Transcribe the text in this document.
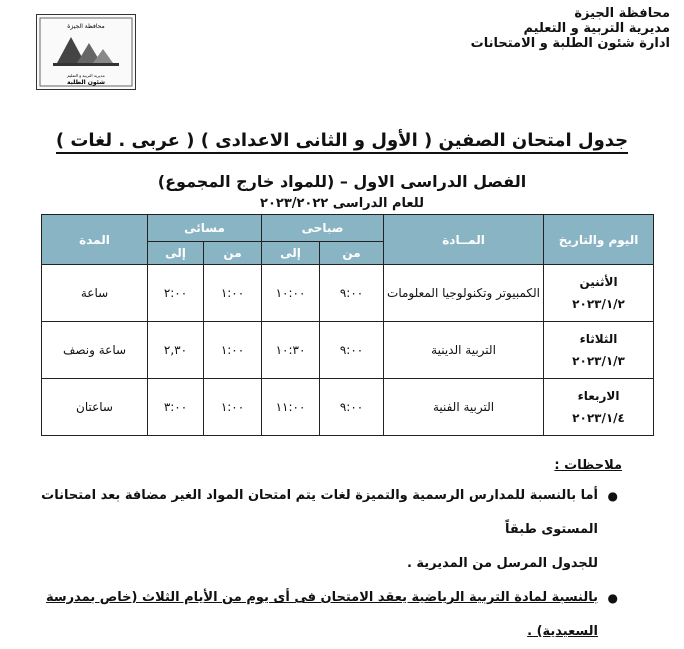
محافظة الجيزة
مديرية التربية و التعليم
ادارة شئون الطلبة و الامتحانات
محافظة الجيزة
مديرية التربية و التعليم
شئون الطلبة
جدول امتحان الصفين ( الأول و الثانى الاعدادى ) ( عربى . لغات )
الفصل الدراسى الاول – (للمواد خارج المجموع)
للعام الدراسى ٢٠٢٣/٢٠٢٢
اليوم والتاريخ	المــادة	صباحى		مسائى		المدة
		من	إلى	من	إلى	

الأثنين
٢٠٢٣/١/٢	الكمبيوتر وتكنولوجيا المعلومات	٩:٠٠	١٠:٠٠	١:٠٠	٢:٠٠	ساعة

الثلاثاء
٢٠٢٣/١/٣	التربية الدينية	٩:٠٠	١٠:٣٠	١:٠٠	٢,٣٠	ساعة ونصف

الاربعاء
٢٠٢٣/١/٤	التربية الفنية	٩:٠٠	١١:٠٠	١:٠٠	٣:٠٠	ساعتان
ملاحظات :
●
أما بالنسبة للمدارس الرسمية والتميزة لغات يتم امتحان المواد الغير مضافة بعد امتحانات المستوى طبقاً
للجدول المرسل من المديرية .
●
بالنسبة لمادة التربية الرياضية يعقد الامتحان فى أى يوم من الأيام الثلاث (خاص بمدرسة
السعيدية) .
